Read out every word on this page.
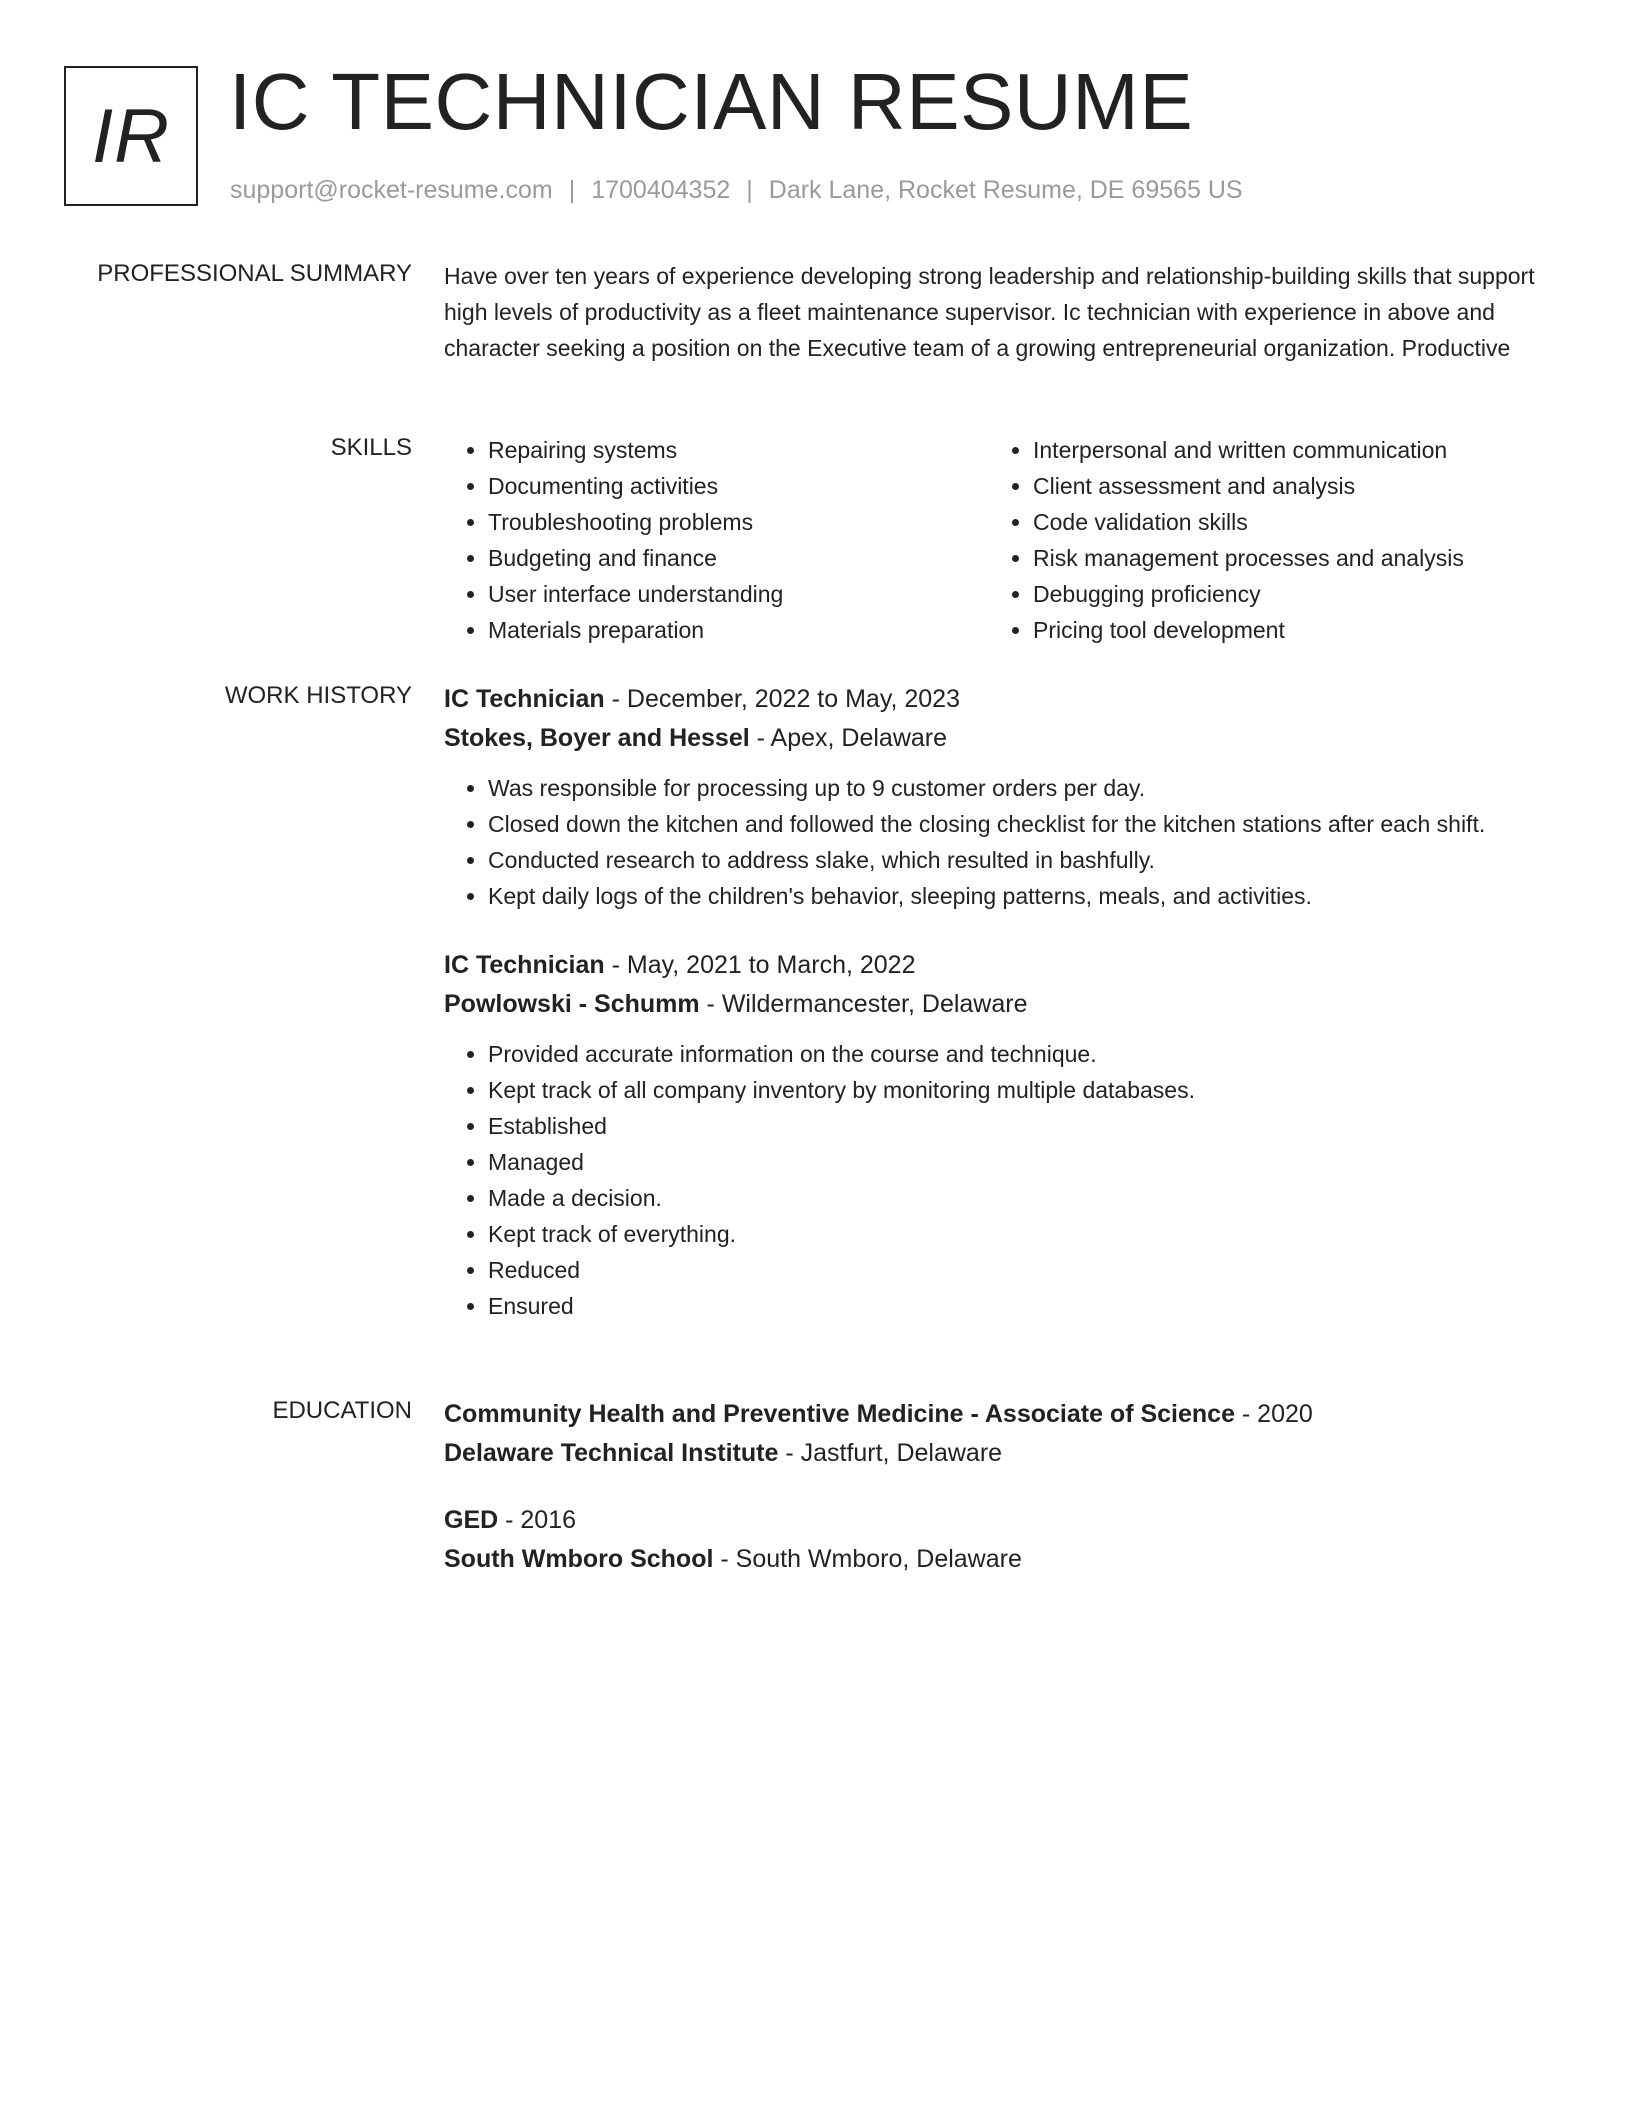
IR IC TECHNICIAN RESUME
support@rocket-resume.com | 1700404352 | Dark Lane, Rocket Resume, DE 69565 US
PROFESSIONAL SUMMARY Have over ten years of experience developing strong leadership and relationship-building skills that support high levels of productivity as a fleet maintenance supervisor. Ic technician with experience in above and character seeking a position on the Executive team of a growing entrepreneurial organization. Productive

SKILLS
•	Repairing systems
• Documenting activities
• Troubleshooting problems
• Budgeting and finance
• User interface understanding
• Materials preparation
• Interpersonal and written communication
• Client assessment and analysis
• Code validation skills
• Risk management processes and analysis
• Debugging proficiency
• Pricing tool development
WORK HISTORY IC Technician - December, 2022 to May, 2023
Stokes, Boyer and Hessel - Apex, Delaware
• Was responsible for processing up to 9 customer orders per day.
• Closed down the kitchen and followed the closing checklist for the kitchen stations after each shift.
• Conducted research to address slake, which resulted in bashfully.
• Kept daily logs of the children's behavior, sleeping patterns, meals, and activities.
IC Technician - May, 2021 to March, 2022
Powlowski - Schumm - Wildermancester, Delaware
• Provided accurate information on the course and technique.
• Kept track of all company inventory by monitoring multiple databases.
• Established
• Managed
• Made a decision.
• Kept track of everything.
• Reduced
• Ensured
EDUCATION Community Health and Preventive Medicine - Associate of Science - 2020
Delaware Technical Institute - Jastfurt, Delaware
GED - 2016
South Wmboro School - South Wmboro, Delaware
